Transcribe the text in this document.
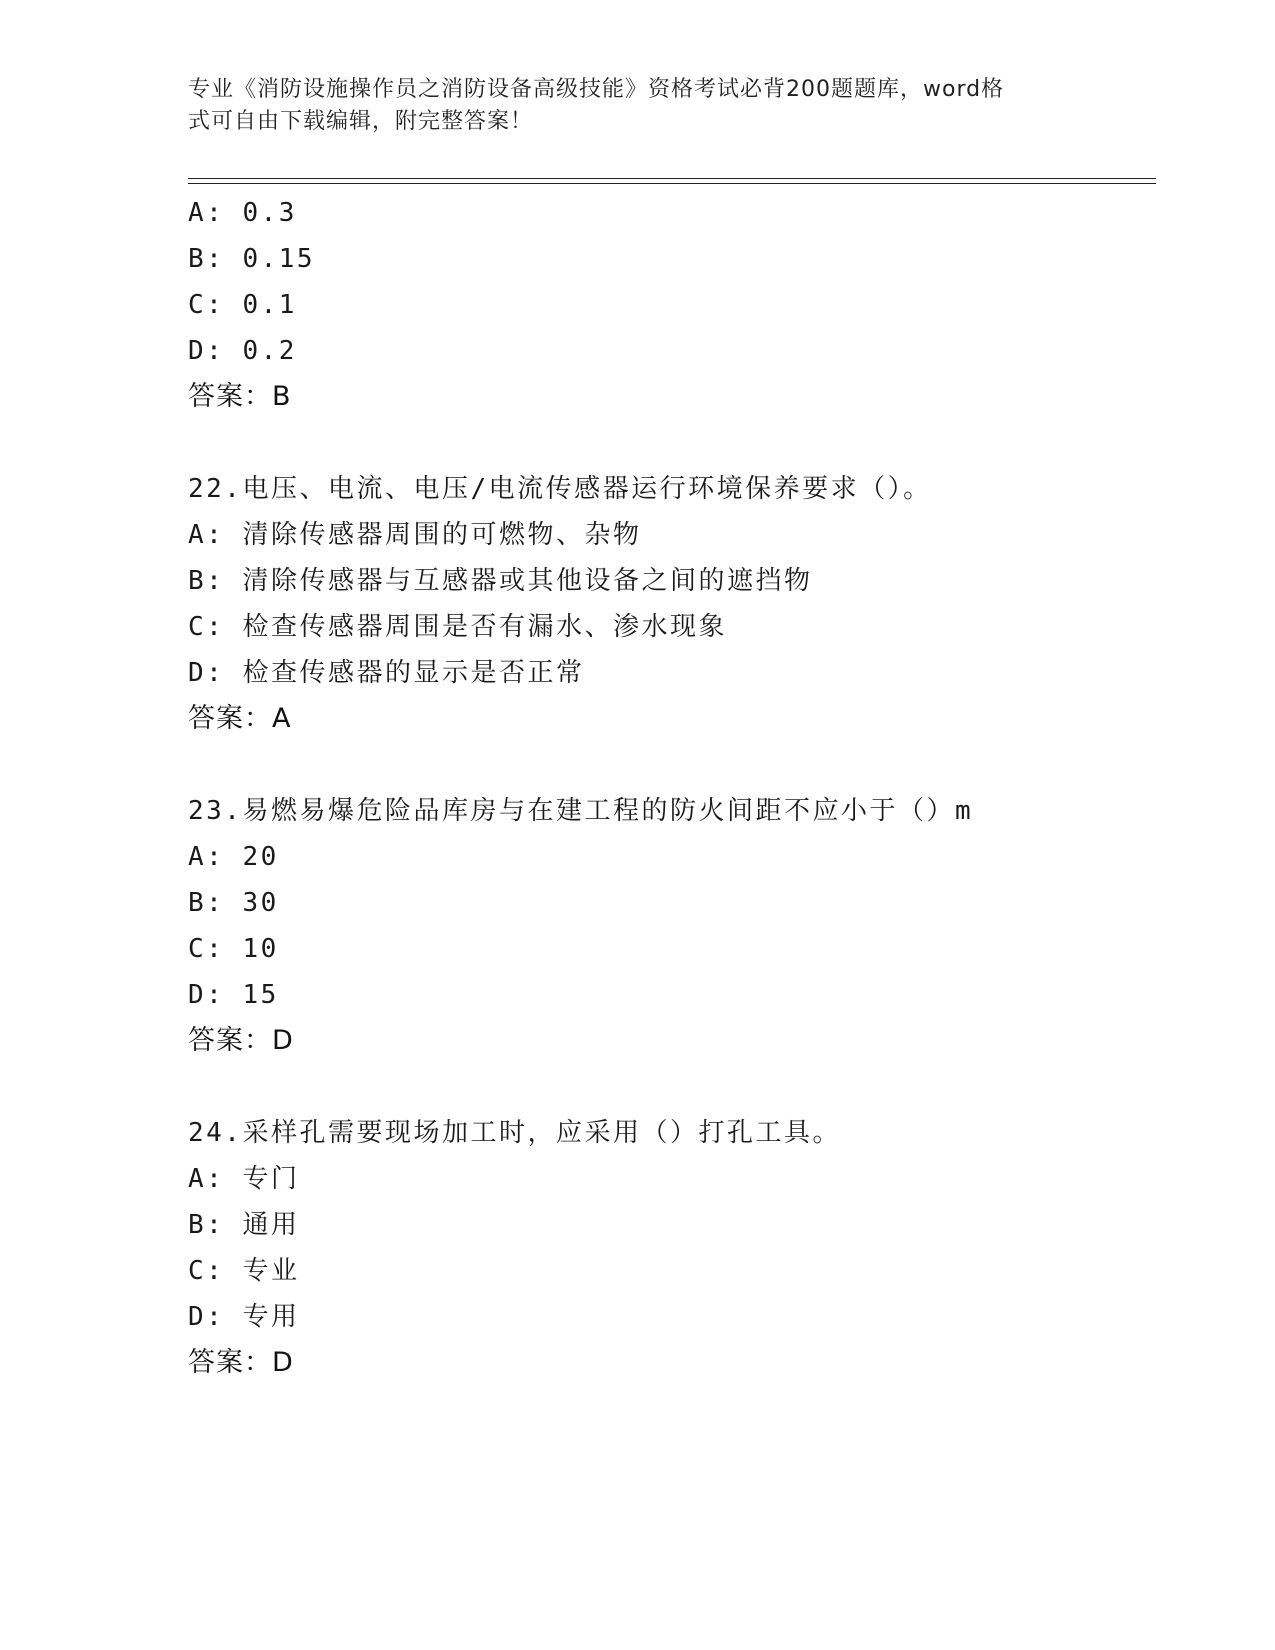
专业《消防设施操作员之消防设备高级技能》资格考试必背200题题库，word格
式可自由下载编辑，附完整答案！
A: 0.3
B: 0.15
C: 0.1
D: 0.2
答案：B
22.电压、电流、电压/电流传感器运行环境保养要求（）。
A: 清除传感器周围的可燃物、杂物
B: 清除传感器与互感器或其他设备之间的遮挡物
C: 检查传感器周围是否有漏水、渗水现象
D: 检查传感器的显示是否正常
答案：A
23.易燃易爆危险品库房与在建工程的防火间距不应小于（）m
A: 20
B: 30
C: 10
D: 15
答案：D
24.采样孔需要现场加工时，应采用（）打孔工具。
A: 专门
B: 通用
C: 专业
D: 专用
答案：D
